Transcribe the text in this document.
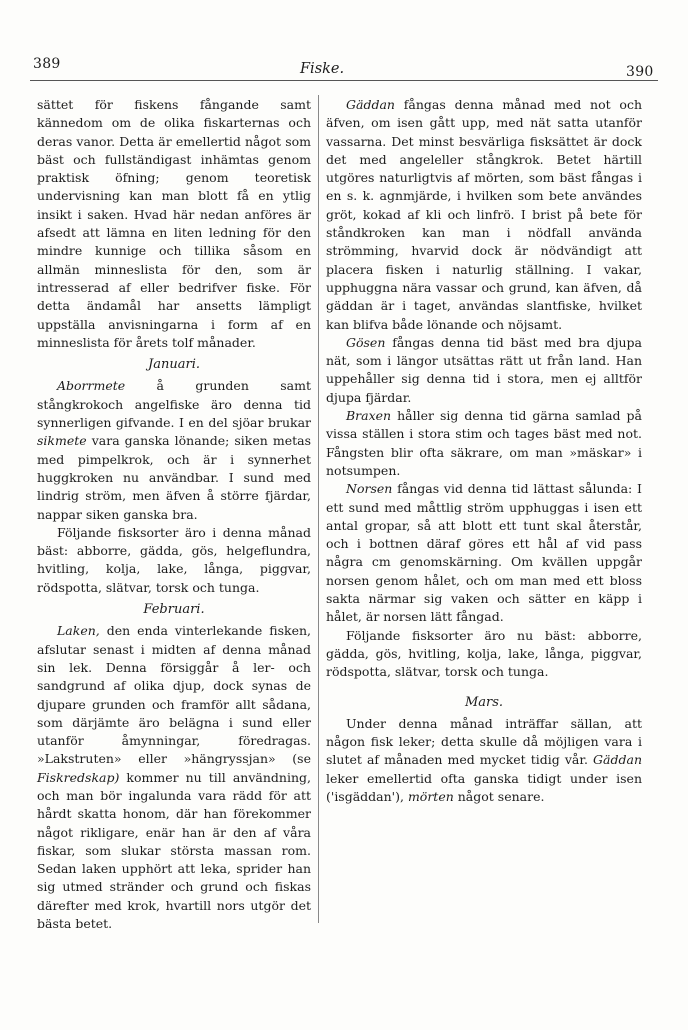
389	Fiske.	390

sättet för fiskens fångande samt kännedom om de olika fiskarternas och deras vanor. Detta är emellertid något som bäst och fullständigast inhämtas genom praktisk öfning; genom teoretisk undervisning kan man blott få en ytlig insikt i saken. Hvad här nedan anföres är afsedt att lämna en liten ledning för den mindre kunnige och tillika såsom en allmän minneslista för den, som är intresserad af eller bedrifver fiske. För detta ändamål har ansetts lämpligt uppställa anvisningarna i form af en minneslista för årets tolf månader.

Januari.

Aborrmete å grunden samt stångkrokoch angelfiske äro denna tid synnerligen gifvande. I en del sjöar brukar sikmete vara ganska lönande; siken metas med pimpelkrok, och är i synnerhet huggkroken nu användbar. I sund med lindrig ström, men äfven å större fjärdar, nappar siken ganska bra.

Följande fisksorter äro i denna månad bäst: abborre, gädda, gös, helgeflundra, hvitling, kolja, lake, långa, piggvar, rödspotta, slätvar, torsk och tunga.

Februari.

Laken, den enda vinterlekande fisken, afslutar senast i midten af denna månad sin lek. Denna försiggår å ler- och sandgrund af olika djup, dock synas de djupare grunden och framför allt sådana, som därjämte äro belägna i sund eller utanför åmynningar, föredragas. »Lakstruten» eller »hängryssjan» (se Fiskredskap) kommer nu till användning, och man bör ingalunda vara rädd för att hårdt skatta honom, där han förekommer något rikligare, enär han är den af våra fiskar, som slukar största massan rom. Sedan laken upphört att leka, sprider han sig utmed stränder och grund och fiskas därefter med krok, hvartill nors utgör det bästa betet.

Gäddan fångas denna månad med not och äfven, om isen gått upp, med nät satta utanför vassarna. Det minst besvärliga fisksättet är dock det med angeleller stångkrok. Betet härtill utgöres naturligtvis af mörten, som bäst fångas i en s. k. agnmjärde, i hvilken som bete användes gröt, kokad af kli och linfrö. I brist på bete för ståndkroken kan man i nödfall använda strömming, hvarvid dock är nödvändigt att placera fisken i naturlig ställning. I vakar, upphuggna nära vassar och grund, kan äfven, då gäddan är i taget, användas slantfiske, hvilket kan blifva både lönande och nöjsamt.

Gösen fångas denna tid bäst med bra djupa nät, som i längor utsättas rätt ut från land. Han uppehåller sig denna tid i stora, men ej alltför djupa fjärdar.

Braxen håller sig denna tid gärna samlad på vissa ställen i stora stim och tages bäst med not. Fångsten blir ofta säkrare, om man »mäskar» i notsumpen.

Norsen fångas vid denna tid lättast sålunda: I ett sund med måttlig ström upphuggas i isen ett antal gropar, så att blott ett tunt skal återstår, och i bottnen däraf göres ett hål af vid pass några cm genomskärning. Om kvällen uppgår norsen genom hålet, och om man med ett bloss sakta närmar sig vaken och sätter en käpp i hålet, är norsen lätt fångad.

Följande fisksorter äro nu bäst: abborre, gädda, gös, hvitling, kolja, lake, långa, piggvar, rödspotta, slätvar, torsk och tunga.

Mars.

Under denna månad inträffar sällan, att någon fisk leker; detta skulle då möjligen vara i slutet af månaden med mycket tidig vår. Gäddan leker emellertid ofta ganska tidigt under isen ('isgäddan'), mörten något senare.
